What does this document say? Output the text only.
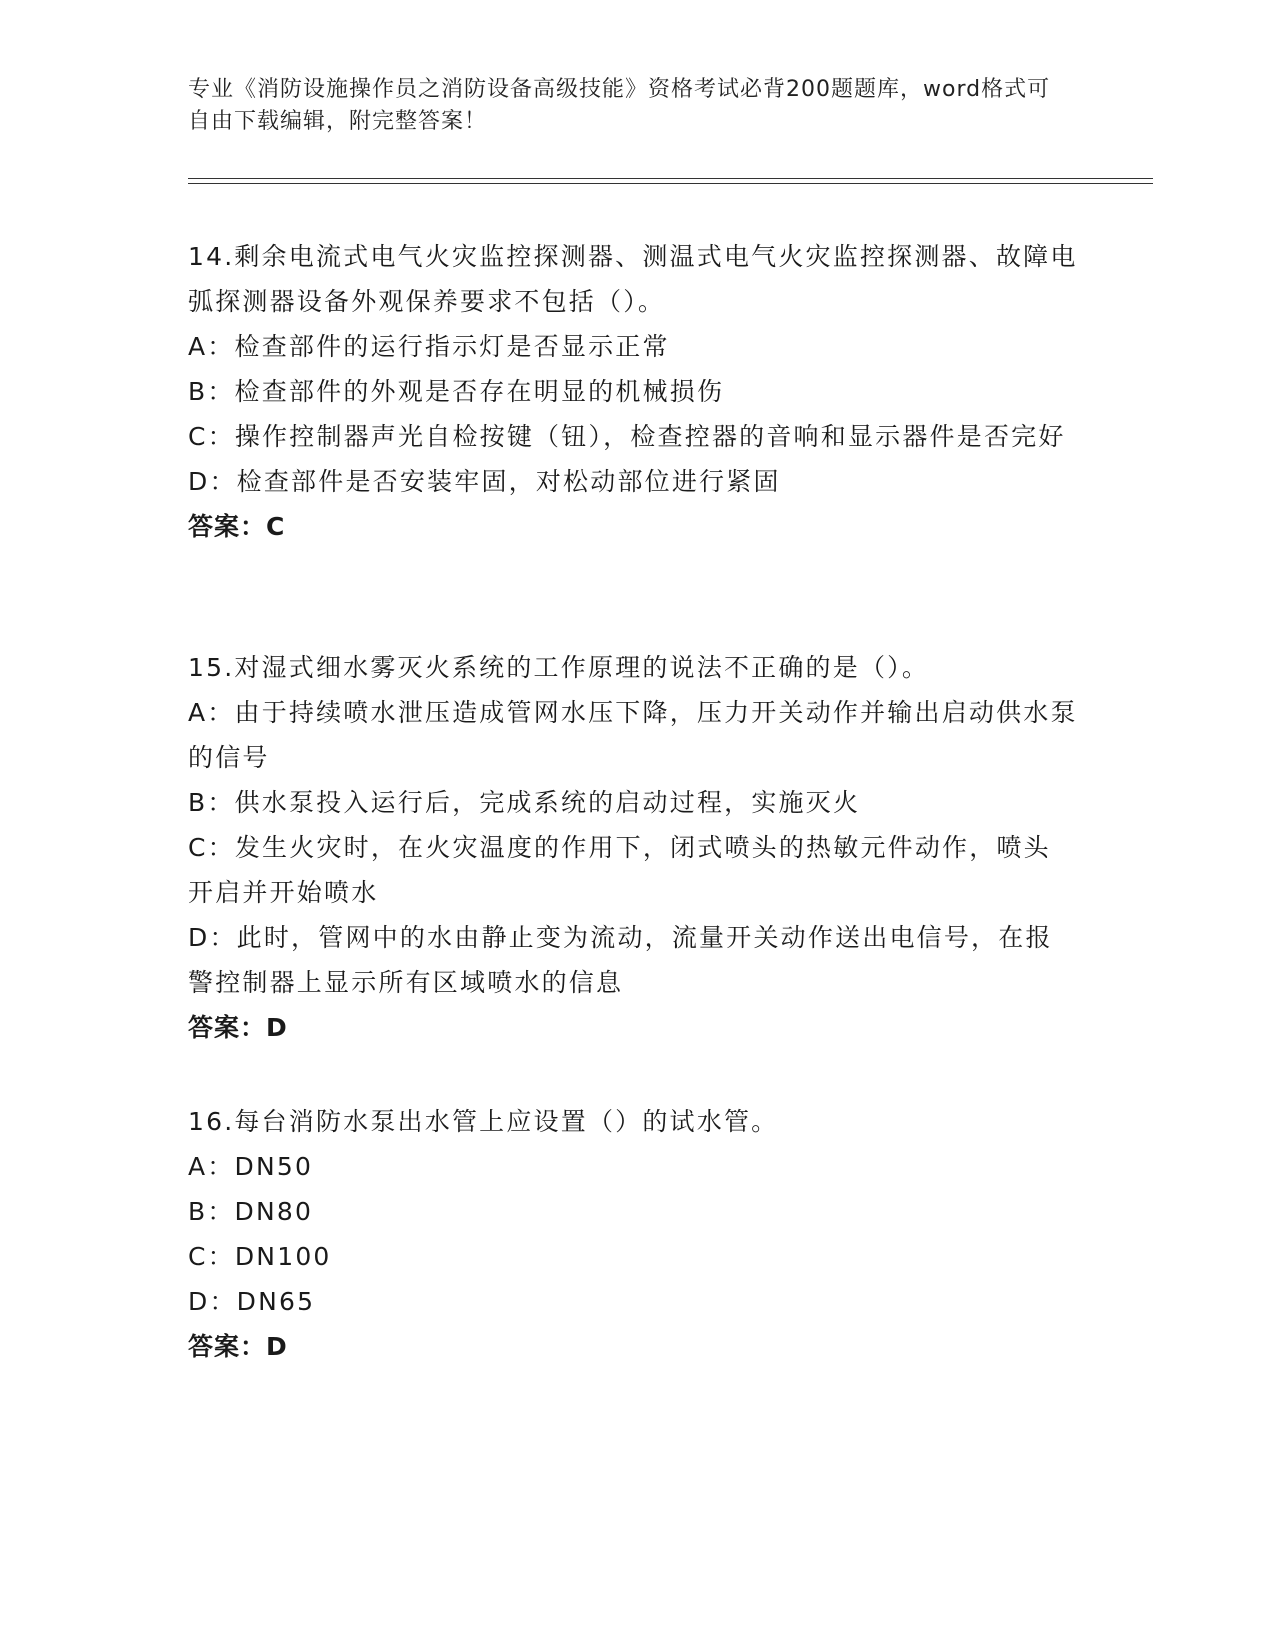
专业《消防设施操作员之消防设备高级技能》资格考试必背200题题库，word格式可自由下载编辑，附完整答案！

14.剩余电流式电气火灾监控探测器、测温式电气火灾监控探测器、故障电弧探测器设备外观保养要求不包括（）。

A：检查部件的运行指示灯是否显示正常

B：检查部件的外观是否存在明显的机械损伤

C：操作控制器声光自检按键（钮），检查控器的音响和显示器件是否完好

D：检查部件是否安装牢固，对松动部位进行紧固

答案：C

15.对湿式细水雾灭火系统的工作原理的说法不正确的是（）。

A：由于持续喷水泄压造成管网水压下降，压力开关动作并输出启动供水泵的信号

B：供水泵投入运行后，完成系统的启动过程，实施灭火

C：发生火灾时，在火灾温度的作用下，闭式喷头的热敏元件动作，喷头开启并开始喷水

D：此时，管网中的水由静止变为流动，流量开关动作送出电信号，在报警控制器上显示所有区域喷水的信息

答案：D

16.每台消防水泵出水管上应设置（）的试水管。

A：DN50

B：DN80

C：DN100

D：DN65

答案：D
